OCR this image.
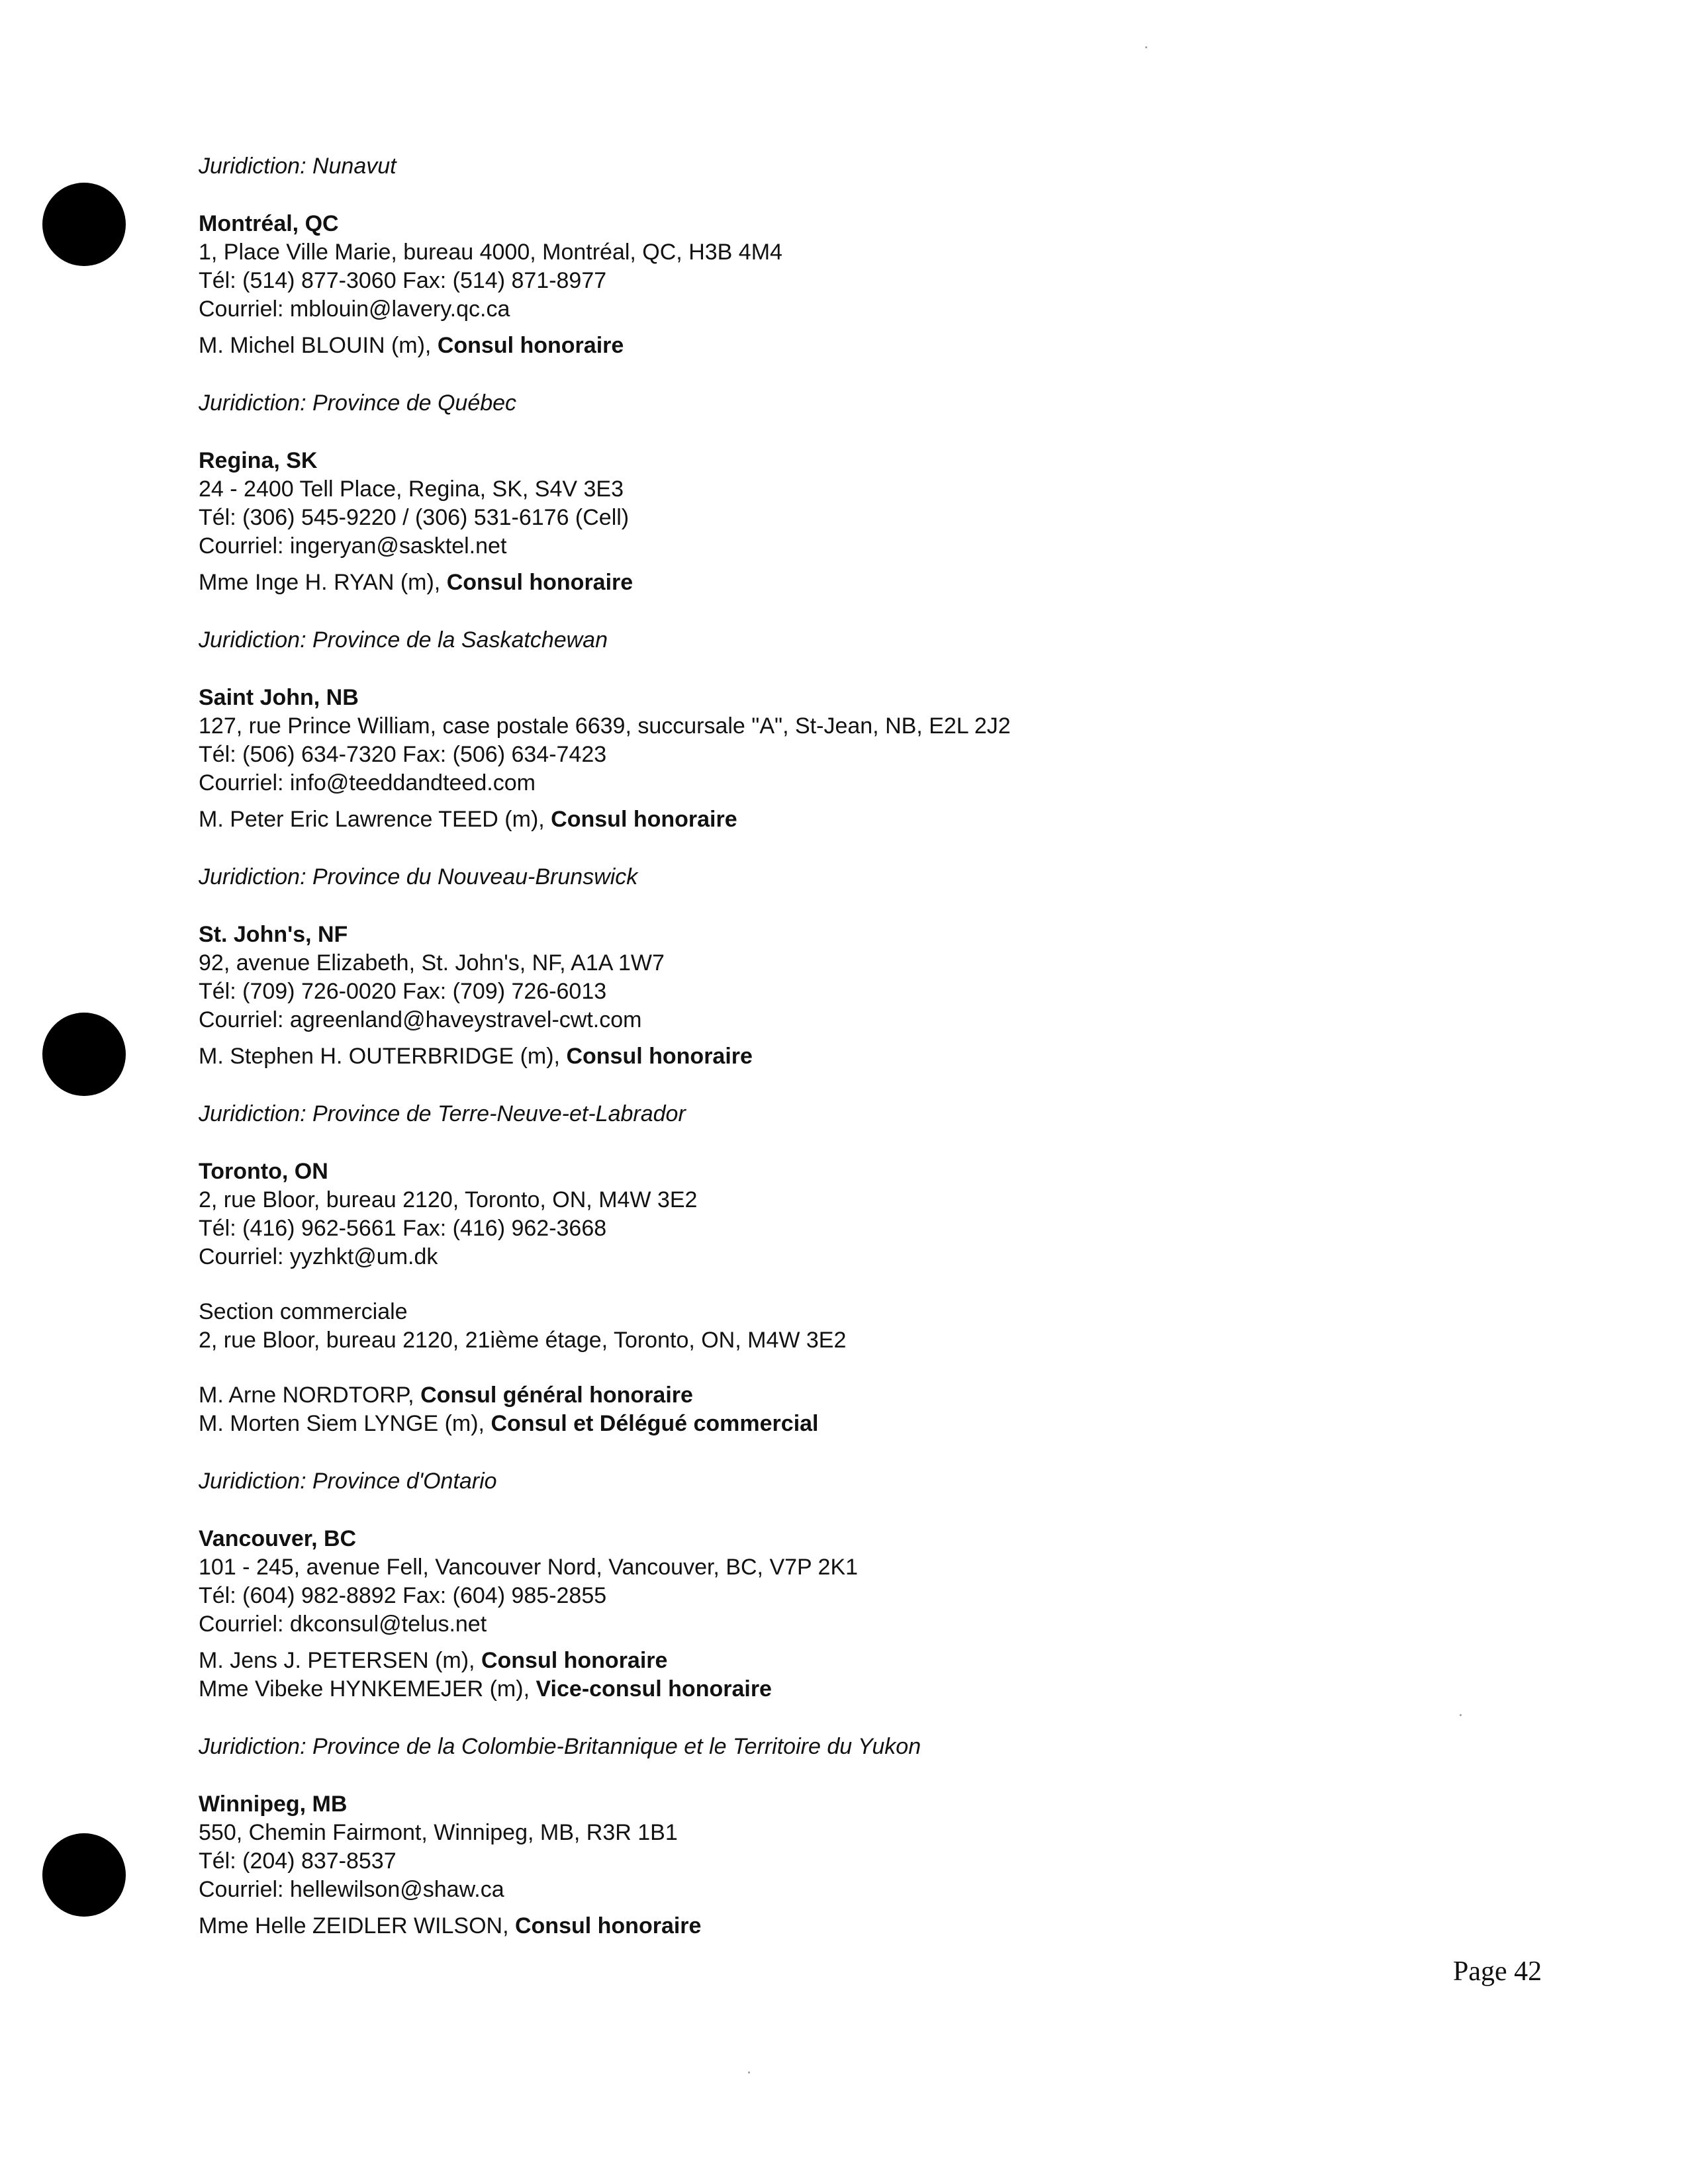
Juridiction: Nunavut
Montréal, QC
1, Place Ville Marie, bureau 4000, Montréal, QC, H3B 4M4
Tél: (514) 877-3060 Fax: (514) 871-8977
Courriel: mblouin@lavery.qc.ca
M. Michel BLOUIN (m), Consul honoraire
Juridiction: Province de Québec
Regina, SK
24 - 2400 Tell Place, Regina, SK, S4V 3E3
Tél: (306) 545-9220 / (306) 531-6176 (Cell)
Courriel: ingeryan@sasktel.net
Mme Inge H. RYAN (m), Consul honoraire
Juridiction: Province de la Saskatchewan
Saint John, NB
127, rue Prince William, case postale 6639, succursale "A", St-Jean, NB, E2L 2J2
Tél: (506) 634-7320 Fax: (506) 634-7423
Courriel: info@teeddandteed.com
M. Peter Eric Lawrence TEED (m), Consul honoraire
Juridiction: Province du Nouveau-Brunswick
St. John's, NF
92, avenue Elizabeth, St. John's, NF, A1A 1W7
Tél: (709) 726-0020 Fax: (709) 726-6013
Courriel: agreenland@haveystravel-cwt.com
M. Stephen H. OUTERBRIDGE (m), Consul honoraire
Juridiction: Province de Terre-Neuve-et-Labrador
Toronto, ON
2, rue Bloor, bureau 2120, Toronto, ON, M4W 3E2
Tél: (416) 962-5661 Fax: (416) 962-3668
Courriel: yyzhkt@um.dk
Section commerciale
2, rue Bloor, bureau 2120, 21ième étage, Toronto, ON, M4W 3E2
M. Arne NORDTORP, Consul général honoraire
M. Morten Siem LYNGE (m), Consul et Délégué commercial
Juridiction: Province d'Ontario
Vancouver, BC
101 - 245, avenue Fell, Vancouver Nord, Vancouver, BC, V7P 2K1
Tél: (604) 982-8892 Fax: (604) 985-2855
Courriel: dkconsul@telus.net
M. Jens J. PETERSEN (m), Consul honoraire
Mme Vibeke HYNKEMEJER (m), Vice-consul honoraire
Juridiction: Province de la Colombie-Britannique et le Territoire du Yukon
Winnipeg, MB
550, Chemin Fairmont, Winnipeg, MB, R3R 1B1
Tél: (204) 837-8537
Courriel: hellewilson@shaw.ca
Mme Helle ZEIDLER WILSON, Consul honoraire
Page 42
